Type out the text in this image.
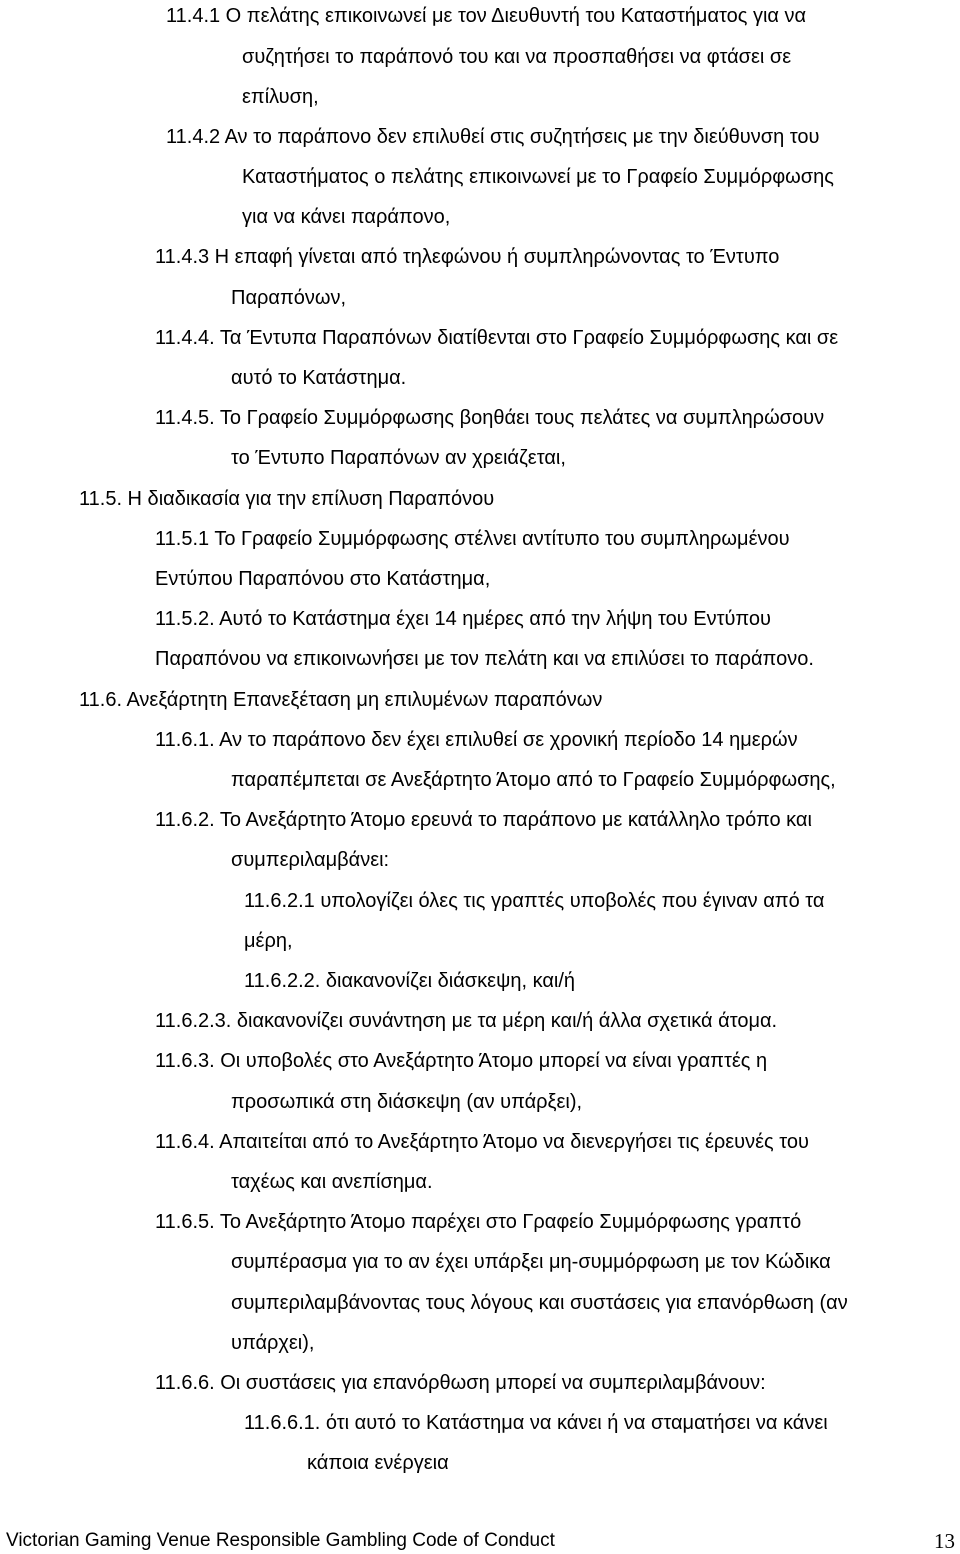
11.4.1 Ο πελάτης επικοινωνεί με τον Διευθυντή του Καταστήματος για να
συζητήσει το παράπονό του και να προσπαθήσει να φτάσει σε
επίλυση,
11.4.2 Αν το παράπονο δεν επιλυθεί στις συζητήσεις με την διεύθυνση του
Καταστήματος ο πελάτης επικοινωνεί με το Γραφείο Συμμόρφωσης
για να κάνει παράπονο,
11.4.3 Η επαφή γίνεται από τηλεφώνου ή συμπληρώνοντας το Έντυπο
Παραπόνων,
11.4.4. Τα Έντυπα Παραπόνων διατίθενται στο Γραφείο Συμμόρφωσης και σε
αυτό το Κατάστημα.
11.4.5. Το Γραφείο Συμμόρφωσης βοηθάει τους πελάτες να συμπληρώσουν
το Έντυπο Παραπόνων αν χρειάζεται,
11.5. Η διαδικασία για την επίλυση Παραπόνου
11.5.1 Το Γραφείο Συμμόρφωσης στέλνει αντίτυπο του συμπληρωμένου
Εντύπου Παραπόνου στο Κατάστημα,
11.5.2. Αυτό το Κατάστημα έχει 14 ημέρες από την λήψη του Εντύπου
Παραπόνου να επικοινωνήσει με τον πελάτη και να επιλύσει το παράπονο.
11.6. Ανεξάρτητη Επανεξέταση μη επιλυμένων παραπόνων
11.6.1. Αν το παράπονο δεν έχει επιλυθεί σε χρονική περίοδο 14 ημερών
παραπέμπεται σε Ανεξάρτητο Άτομο από το Γραφείο Συμμόρφωσης,
11.6.2. Το Ανεξάρτητο Άτομο ερευνά το παράπονο με κατάλληλο τρόπο και
συμπεριλαμβάνει:
11.6.2.1 υπολογίζει όλες τις γραπτές υποβολές που έγιναν από τα
μέρη,
11.6.2.2. διακανονίζει διάσκεψη, και/ή
11.6.2.3. διακανονίζει συνάντηση με τα μέρη και/ή άλλα σχετικά άτομα.
11.6.3. Οι υποβολές στο Ανεξάρτητο Άτομο μπορεί να είναι γραπτές η
προσωπικά στη διάσκεψη (αν υπάρξει),
11.6.4. Απαιτείται από το Ανεξάρτητο Άτομο να διενεργήσει τις έρευνές του
ταχέως και ανεπίσημα.
11.6.5. Το Ανεξάρτητο Άτομο παρέχει στο Γραφείο Συμμόρφωσης γραπτό
συμπέρασμα για το αν έχει υπάρξει μη-συμμόρφωση με τον Κώδικα
συμπεριλαμβάνοντας τους λόγους και συστάσεις για επανόρθωση (αν
υπάρχει),
11.6.6. Οι συστάσεις για επανόρθωση μπορεί να συμπεριλαμβάνουν:
11.6.6.1. ότι αυτό το Κατάστημα να κάνει ή να σταματήσει να κάνει
κάποια ενέργεια
Victorian Gaming Venue Responsible Gambling Code of Conduct	13
